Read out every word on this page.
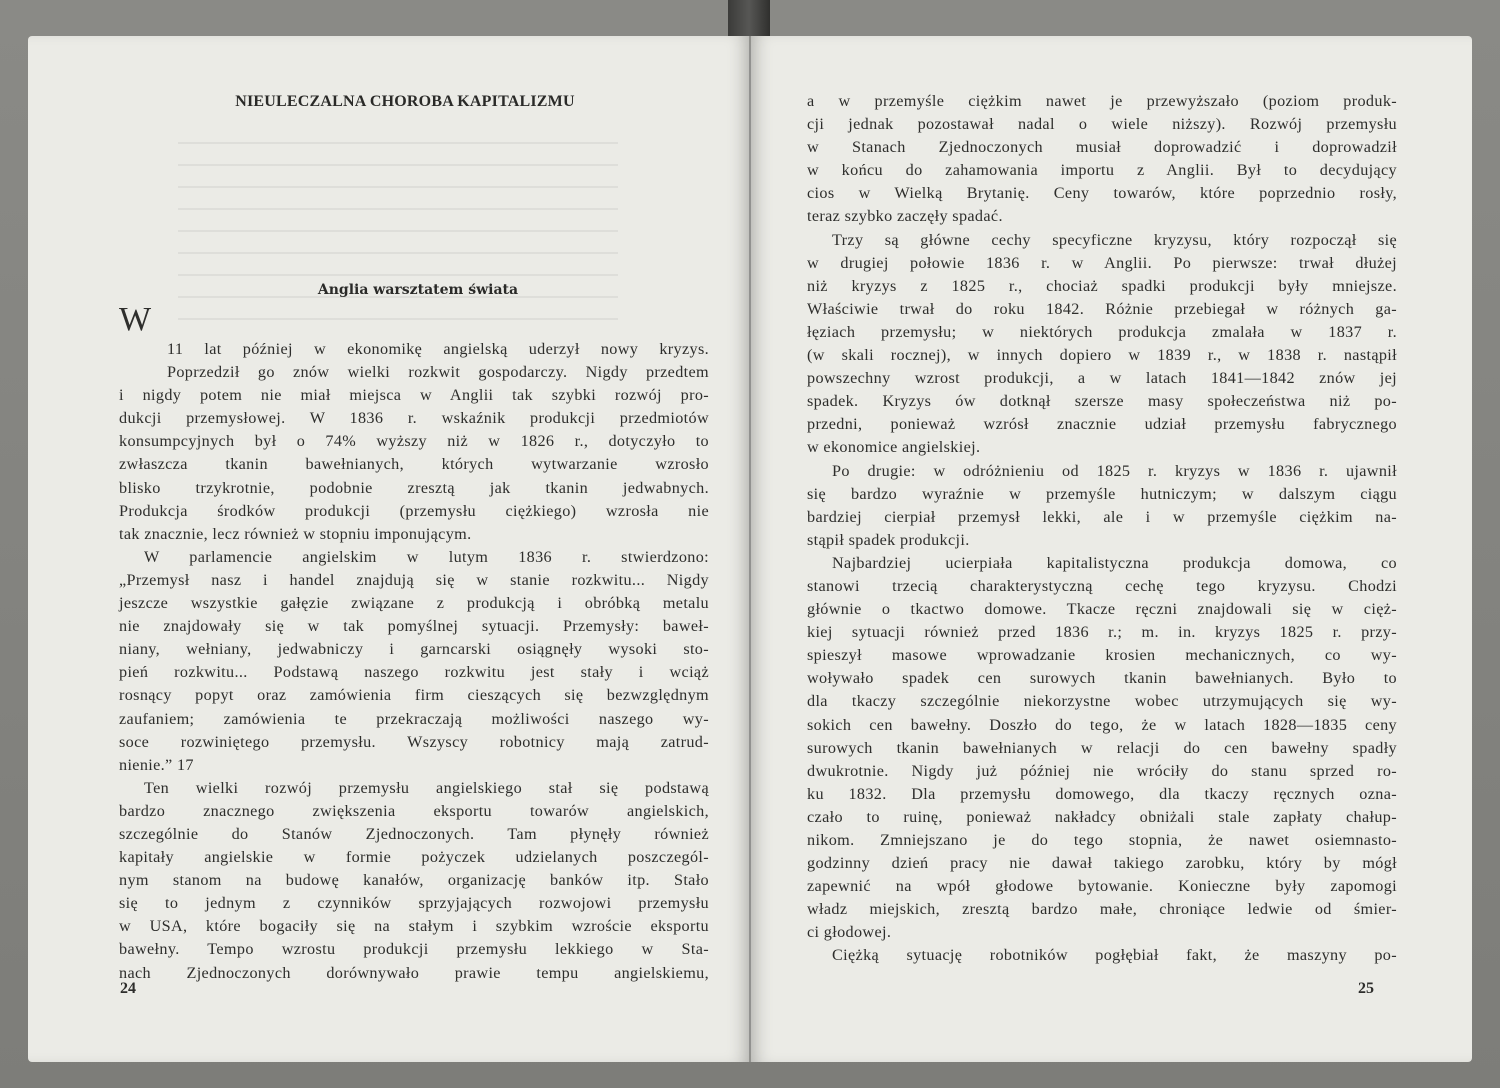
NIEULECZALNA CHOROBA KAPITALIZMU
Anglia warsztatem świata
W
11 lat później w ekonomikę angielską uderzył nowy kryzys.
Poprzedził go znów wielki rozkwit gospodarczy. Nigdy przedtem
i nigdy potem nie miał miejsca w Anglii tak szybki rozwój pro-
dukcji przemysłowej. W 1836 r. wskaźnik produkcji przedmiotów
konsumpcyjnych był o 74% wyższy niż w 1826 r., dotyczyło to
zwłaszcza tkanin bawełnianych, których wytwarzanie wzrosło
blisko trzykrotnie, podobnie zresztą jak tkanin jedwabnych.
Produkcja środków produkcji (przemysłu ciężkiego) wzrosła nie
tak znacznie, lecz również w stopniu imponującym.
W parlamencie angielskim w lutym 1836 r. stwierdzono:
„Przemysł nasz i handel znajdują się w stanie rozkwitu... Nigdy
jeszcze wszystkie gałęzie związane z produkcją i obróbką metalu
nie znajdowały się w tak pomyślnej sytuacji. Przemysły: baweł-
niany, wełniany, jedwabniczy i garncarski osiągnęły wysoki sto-
pień rozkwitu... Podstawą naszego rozkwitu jest stały i wciąż
rosnący popyt oraz zamówienia firm cieszących się bezwzględnym
zaufaniem; zamówienia te przekraczają możliwości naszego wy-
soce rozwiniętego przemysłu. Wszyscy robotnicy mają zatrud-
nienie.” 17
Ten wielki rozwój przemysłu angielskiego stał się podstawą
bardzo znacznego zwiększenia eksportu towarów angielskich,
szczególnie do Stanów Zjednoczonych. Tam płynęły również
kapitały angielskie w formie pożyczek udzielanych poszczegól-
nym stanom na budowę kanałów, organizację banków itp. Stało
się to jednym z czynników sprzyjających rozwojowi przemysłu
w USA, które bogaciły się na stałym i szybkim wzroście eksportu
bawełny. Tempo wzrostu produkcji przemysłu lekkiego w Sta-
nach Zjednoczonych dorównywało prawie tempu angielskiemu,
24
a w przemyśle ciężkim nawet je przewyższało (poziom produk-
cji jednak pozostawał nadal o wiele niższy). Rozwój przemysłu
w Stanach Zjednoczonych musiał doprowadzić i doprowadził
w końcu do zahamowania importu z Anglii. Był to decydujący
cios w Wielką Brytanię. Ceny towarów, które poprzednio rosły,
teraz szybko zaczęły spadać.
Trzy są główne cechy specyficzne kryzysu, który rozpoczął się
w drugiej połowie 1836 r. w Anglii. Po pierwsze: trwał dłużej
niż kryzys z 1825 r., chociaż spadki produkcji były mniejsze.
Właściwie trwał do roku 1842. Różnie przebiegał w różnych ga-
łęziach przemysłu; w niektórych produkcja zmalała w 1837 r.
(w skali rocznej), w innych dopiero w 1839 r., w 1838 r. nastąpił
powszechny wzrost produkcji, a w latach 1841—1842 znów jej
spadek. Kryzys ów dotknął szersze masy społeczeństwa niż po-
przedni, ponieważ wzrósł znacznie udział przemysłu fabrycznego
w ekonomice angielskiej.
Po drugie: w odróżnieniu od 1825 r. kryzys w 1836 r. ujawnił
się bardzo wyraźnie w przemyśle hutniczym; w dalszym ciągu
bardziej cierpiał przemysł lekki, ale i w przemyśle ciężkim na-
stąpił spadek produkcji.
Najbardziej ucierpiała kapitalistyczna produkcja domowa, co
stanowi trzecią charakterystyczną cechę tego kryzysu. Chodzi
głównie o tkactwo domowe. Tkacze ręczni znajdowali się w cięż-
kiej sytuacji również przed 1836 r.; m. in. kryzys 1825 r. przy-
spieszył masowe wprowadzanie krosien mechanicznych, co wy-
woływało spadek cen surowych tkanin bawełnianych. Było to
dla tkaczy szczególnie niekorzystne wobec utrzymujących się wy-
sokich cen bawełny. Doszło do tego, że w latach 1828—1835 ceny
surowych tkanin bawełnianych w relacji do cen bawełny spadły
dwukrotnie. Nigdy już później nie wróciły do stanu sprzed ro-
ku 1832. Dla przemysłu domowego, dla tkaczy ręcznych ozna-
czało to ruinę, ponieważ nakładcy obniżali stale zapłaty chałup-
nikom. Zmniejszano je do tego stopnia, że nawet osiemnasto-
godzinny dzień pracy nie dawał takiego zarobku, który by mógł
zapewnić na wpół głodowe bytowanie. Konieczne były zapomogi
władz miejskich, zresztą bardzo małe, chroniące ledwie od śmier-
ci głodowej.
Ciężką sytuację robotników pogłębiał fakt, że maszyny po-
25
